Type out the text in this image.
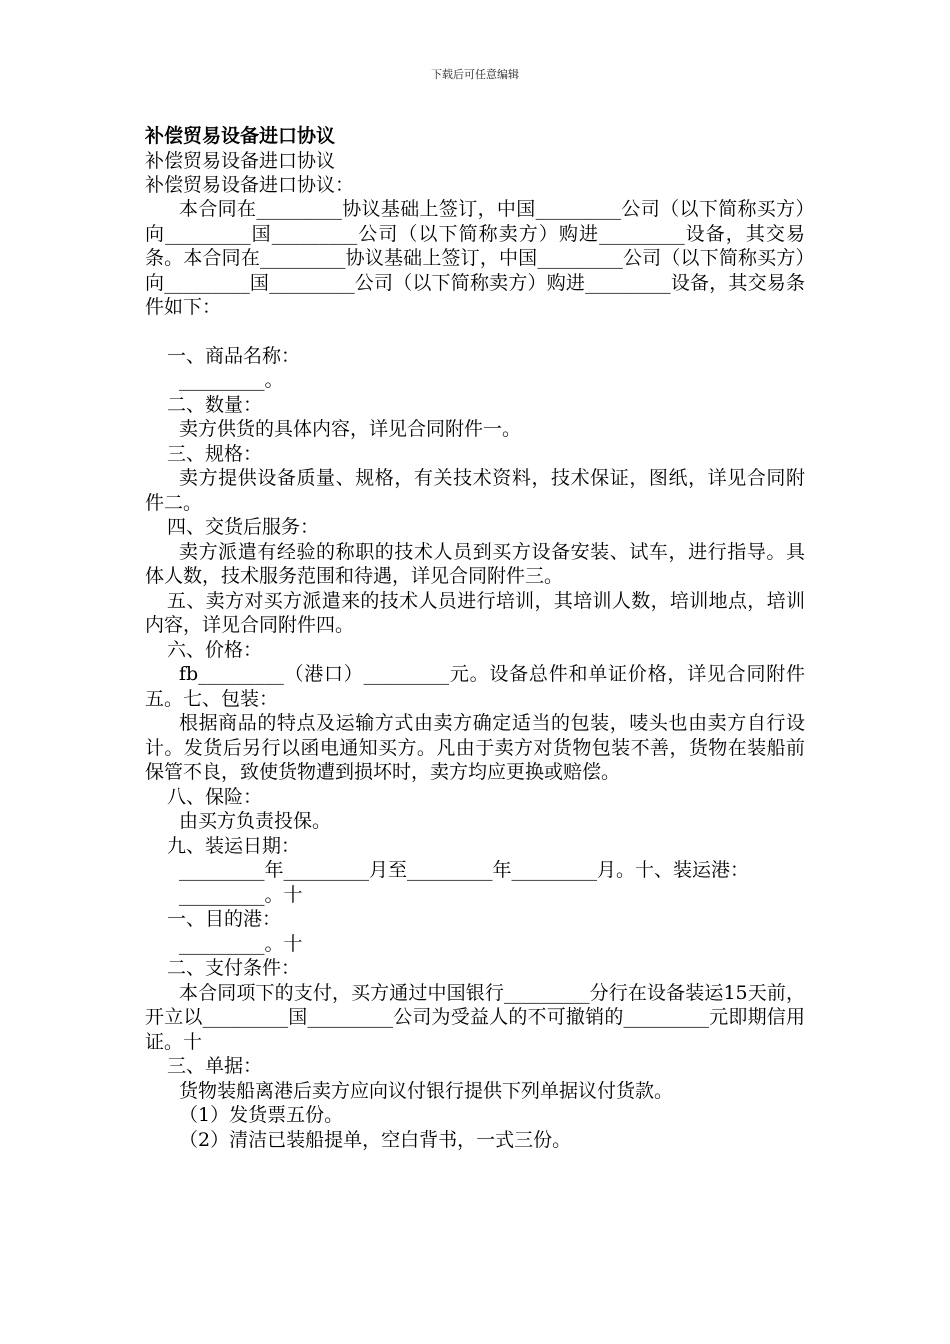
下载后可任意编辑

补偿贸易设备进口协议

补偿贸易设备进口协议

补偿贸易设备进口协议：

本合同在_________协议基础上签订，中国_________公司（以下简称买方）向_________国_________公司（以下简称卖方）购进_________设备，其交易条。本合同在_________协议基础上签订，中国_________公司（以下简称买方）向_________国_________公司（以下简称卖方）购进_________设备，其交易条件如下：

一、商品名称：

_________。

二、数量：

卖方供货的具体内容，详见合同附件一。

三、规格：

卖方提供设备质量、规格，有关技术资料，技术保证，图纸，详见合同附件二。

四、交货后服务：

卖方派遣有经验的称职的技术人员到买方设备安装、试车，进行指导。具体人数，技术服务范围和待遇，详见合同附件三。

五、卖方对买方派遣来的技术人员进行培训，其培训人数，培训地点，培训内容，详见合同附件四。

六、价格：

fb_________（港口）_________元。设备总件和单证价格，详见合同附件五。七、包装：

根据商品的特点及运输方式由卖方确定适当的包装，唛头也由卖方自行设计。发货后另行以函电通知买方。凡由于卖方对货物包装不善，货物在装船前保管不良，致使货物遭到损坏时，卖方均应更换或赔偿。

八、保险：

由买方负责投保。

九、装运日期：

_________年_________月至_________年_________月。十、装运港：

_________。十

一、目的港：

_________。十

二、支付条件：

本合同项下的支付，买方通过中国银行_________分行在设备装运15天前，开立以_________国_________公司为受益人的不可撤销的_________元即期信用证。十

三、单据：

货物装船离港后卖方应向议付银行提供下列单据议付货款。

（1）发货票五份。

（2）清洁已装船提单，空白背书，一式三份。
